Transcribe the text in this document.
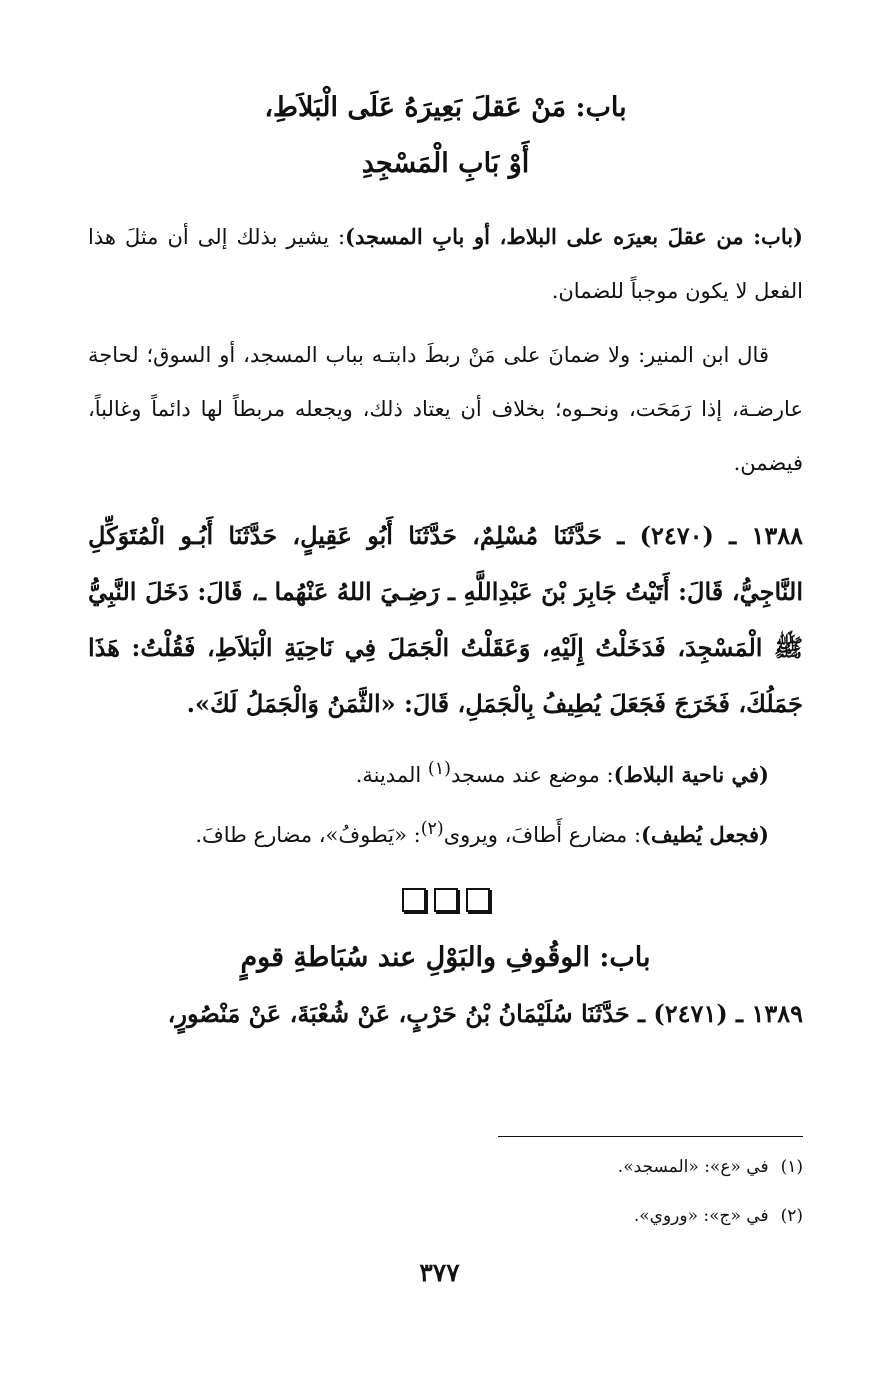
باب: مَنْ عَقلَ بَعِيرَهُ عَلَى الْبَلاَطِ،
أَوْ بَابِ الْمَسْجِدِ

(باب: من عقلَ بعيرَه على البلاط، أو بابِ المسجد): يشير بذلك إلى أن مثلَ هذا الفعل لا يكون موجباً للضمان.

قال ابن المنير: ولا ضمانَ على مَنْ ربطَ دابتـه بباب المسجد، أو السوق؛ لحاجة عارضـة، إذا رَمَحَت، ونحـوه؛ بخلاف أن يعتاد ذلك، ويجعله مربطاً لها دائماً وغالباً، فيضمن.

١٣٨٨ ـ (٢٤٧٠) ـ حَدَّثَنَا مُسْلِمٌ، حَدَّثَنَا أَبُو عَقِيلٍ، حَدَّثَنَا أَبُـو الْمُتَوَكِّلِ النَّاجِيُّ، قَالَ: أَتَيْتُ جَابِرَ بْنَ عَبْدِاللَّهِ ـ رَضِـيَ اللهُ عَنْهُما ـ، قَالَ: دَخَلَ النَّبِيُّ ﷺ الْمَسْجِدَ، فَدَخَلْتُ إِلَيْهِ، وَعَقَلْتُ الْجَمَلَ فِي نَاحِيَةِ الْبَلاَطِ، فَقُلْتُ: هَذَا جَمَلُكَ، فَخَرَجَ فَجَعَلَ يُطِيفُ بِالْجَمَلِ، قَالَ: «الثَّمَنُ وَالْجَمَلُ لَكَ».

(في ناحية البلاط): موضع عند مسجد$^{(١)}$ المدينة.

(فجعل يُطيف): مضارع أَطافَ، ويروى$^{(٢)}$: «يَطوفُ»، مضارع طافَ.

باب: الوقُوفِ والبَوْلِ عند سُبَاطةِ قومٍ

١٣٨٩ ـ (٢٤٧١) ـ حَدَّثَنَا سُلَيْمَانُ بْنُ حَرْبٍ، عَنْ شُعْبَةَ، عَنْ مَنْصُورٍ،

(١)في «ع»: «المسجد».
(٢)في «ج»: «وروي».
٣٧٧
